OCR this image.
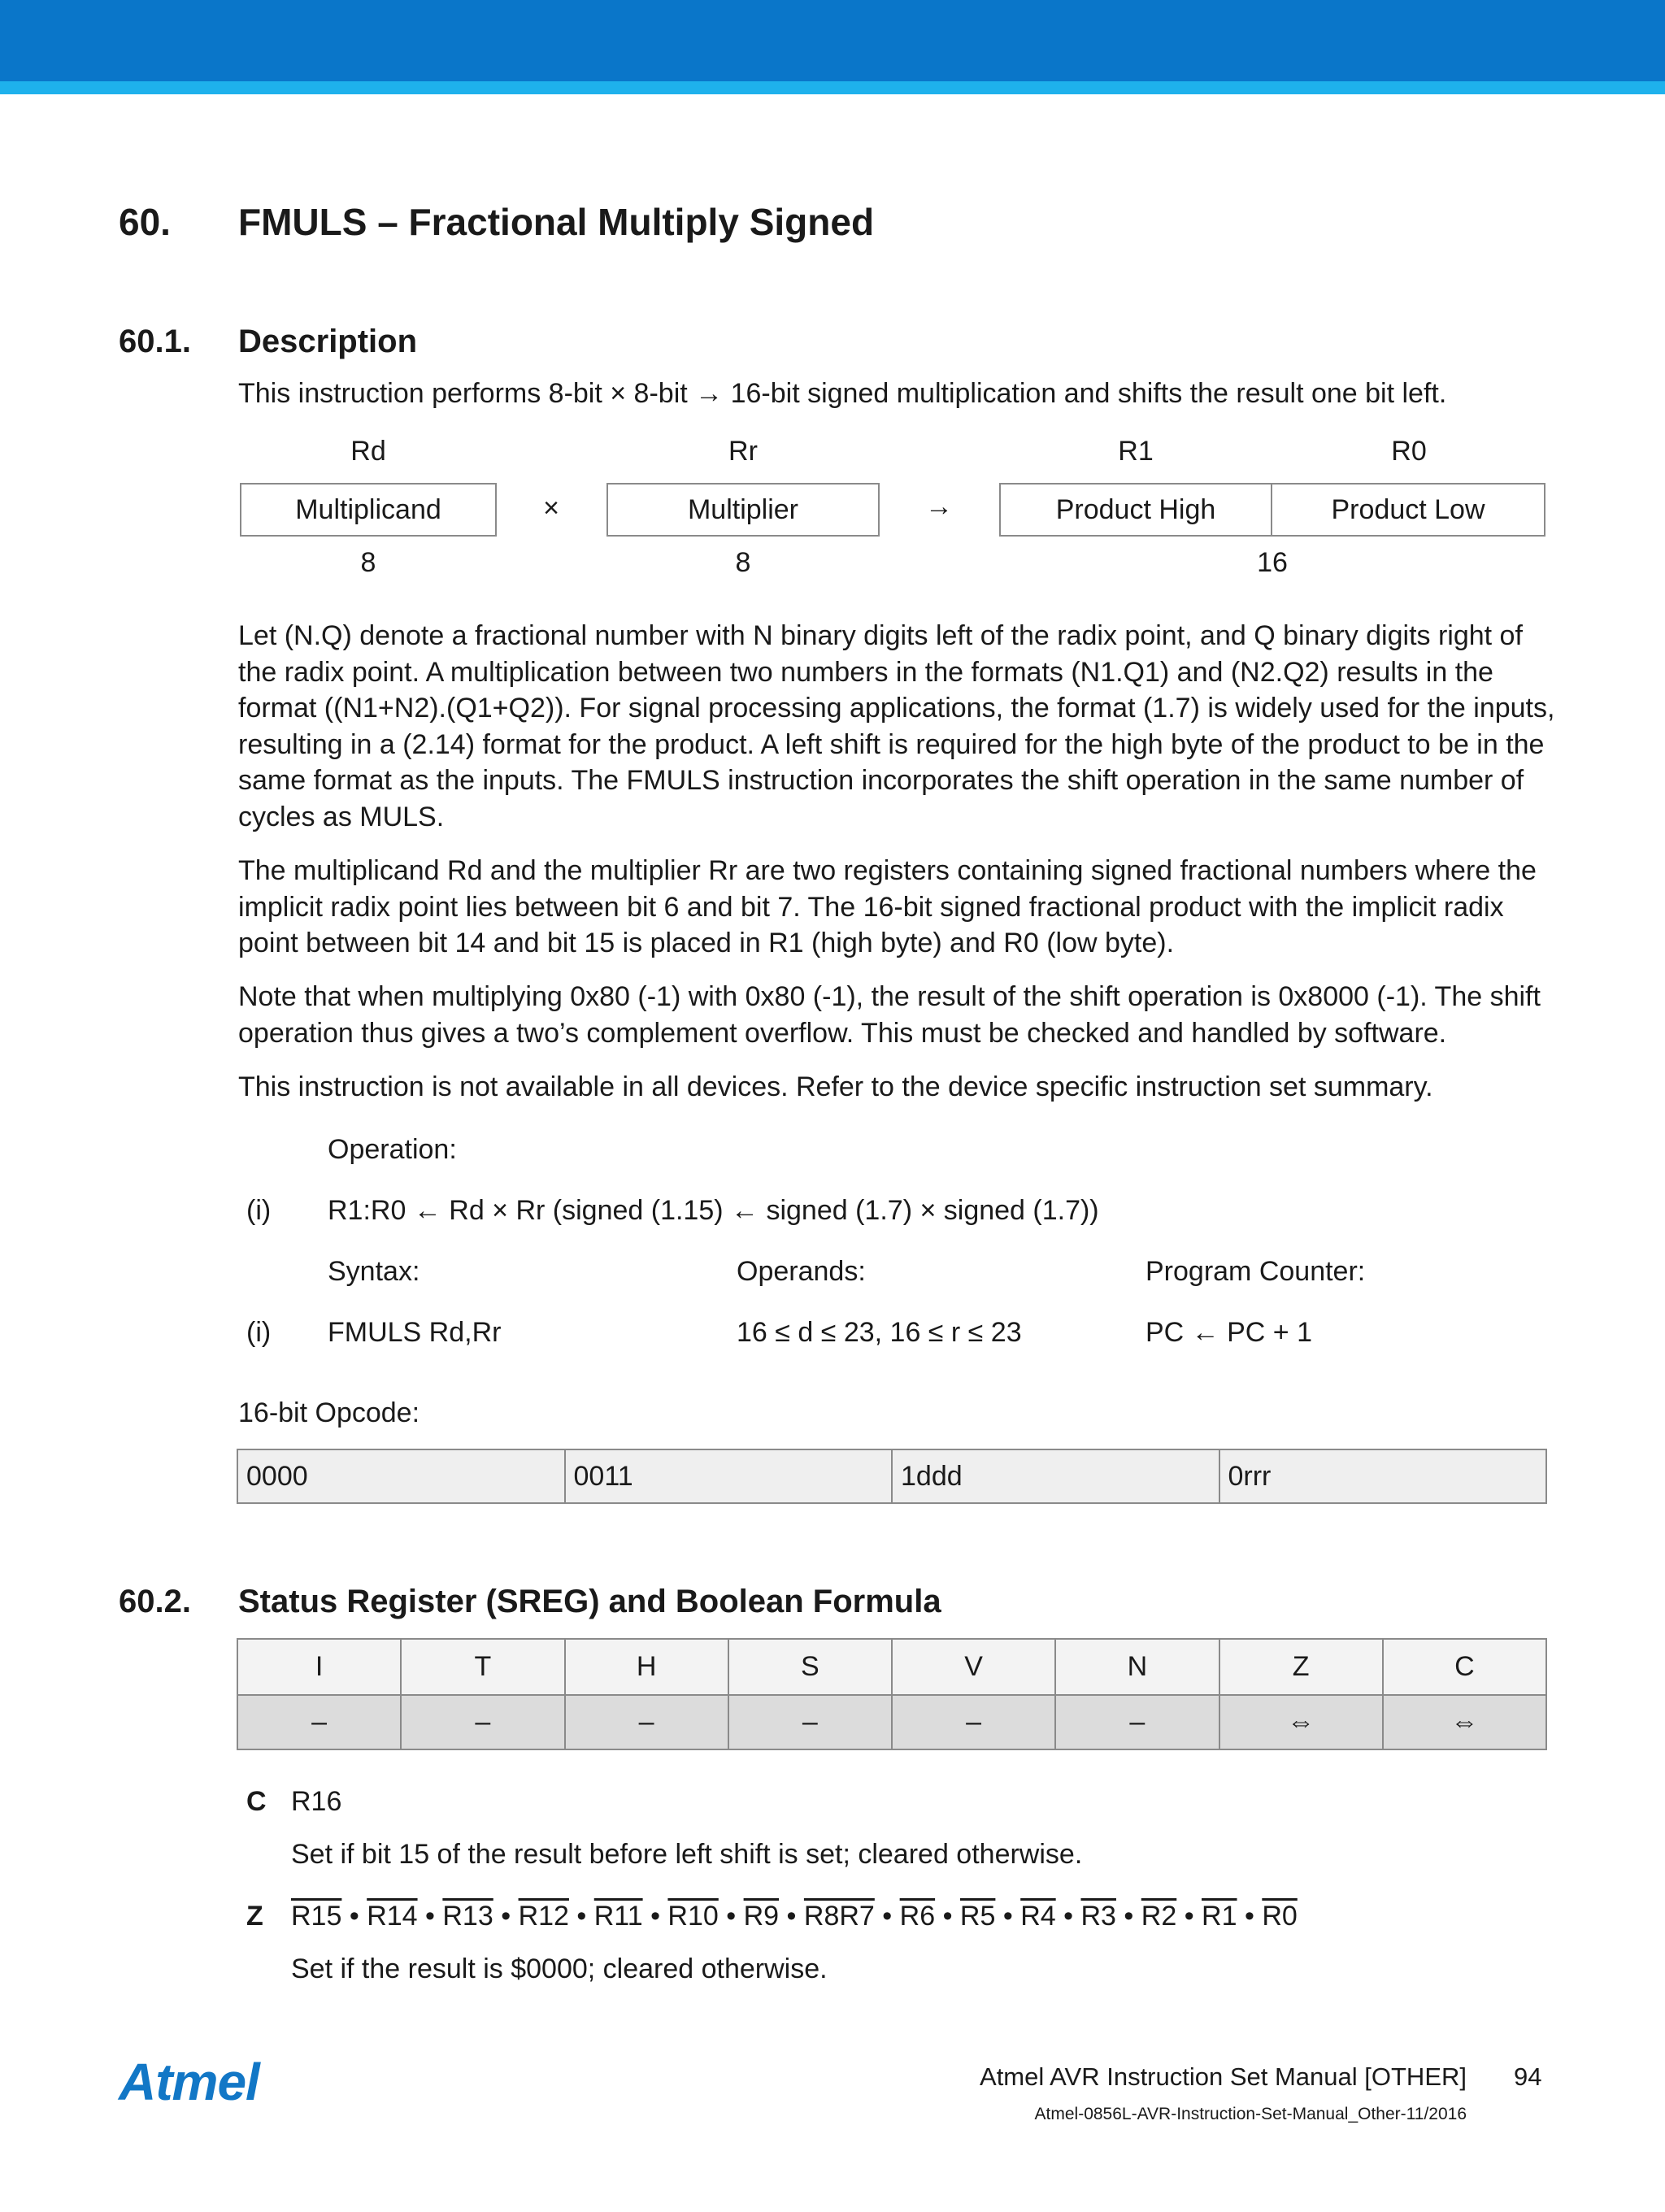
60. FMULS – Fractional Multiply Signed
60.1. Description
This instruction performs 8-bit × 8-bit → 16-bit signed multiplication and shifts the result one bit left.
Rd	Rr	R1	R0
Multiplicand	×	Multiplier	→	Product High	Product Low
8	8	16
Let (N.Q) denote a fractional number with N binary digits left of the radix point, and Q binary digits right of the radix point. A multiplication between two numbers in the formats (N1.Q1) and (N2.Q2) results in the format ((N1+N2).(Q1+Q2)). For signal processing applications, the format (1.7) is widely used for the inputs, resulting in a (2.14) format for the product. A left shift is required for the high byte of the product to be in the same format as the inputs. The FMULS instruction incorporates the shift operation in the same number of cycles as MULS.
The multiplicand Rd and the multiplier Rr are two registers containing signed fractional numbers where the implicit radix point lies between bit 6 and bit 7. The 16-bit signed fractional product with the implicit radix point between bit 14 and bit 15 is placed in R1 (high byte) and R0 (low byte).
Note that when multiplying 0x80 (-1) with 0x80 (-1), the result of the shift operation is 0x8000 (-1). The shift operation thus gives a two’s complement overflow. This must be checked and handled by software.
This instruction is not available in all devices. Refer to the device specific instruction set summary.
Operation:
(i) R1:R0 ← Rd × Rr (signed (1.15) ← signed (1.7) × signed (1.7))
Syntax:	Operands:	Program Counter:
(i) FMULS Rd,Rr	16 ≤ d ≤ 23, 16 ≤ r ≤ 23	PC ← PC + 1
16-bit Opcode:
0000	0011	1ddd	0rrr
60.2. Status Register (SREG) and Boolean Formula
I	T	H	S	V	N	Z	C
–	–	–	–	–	–	⇔	⇔
C R16
Set if bit 15 of the result before left shift is set; cleared otherwise.
Z R15 • R14 • R13 • R12 • R11 • R10 • R9 • R8R7 • R6 • R5 • R4 • R3 • R2 • R1 • R0
Set if the result is $0000; cleared otherwise.
Atmel	Atmel AVR Instruction Set Manual [OTHER] 94
Atmel-0856L-AVR-Instruction-Set-Manual_Other-11/2016
